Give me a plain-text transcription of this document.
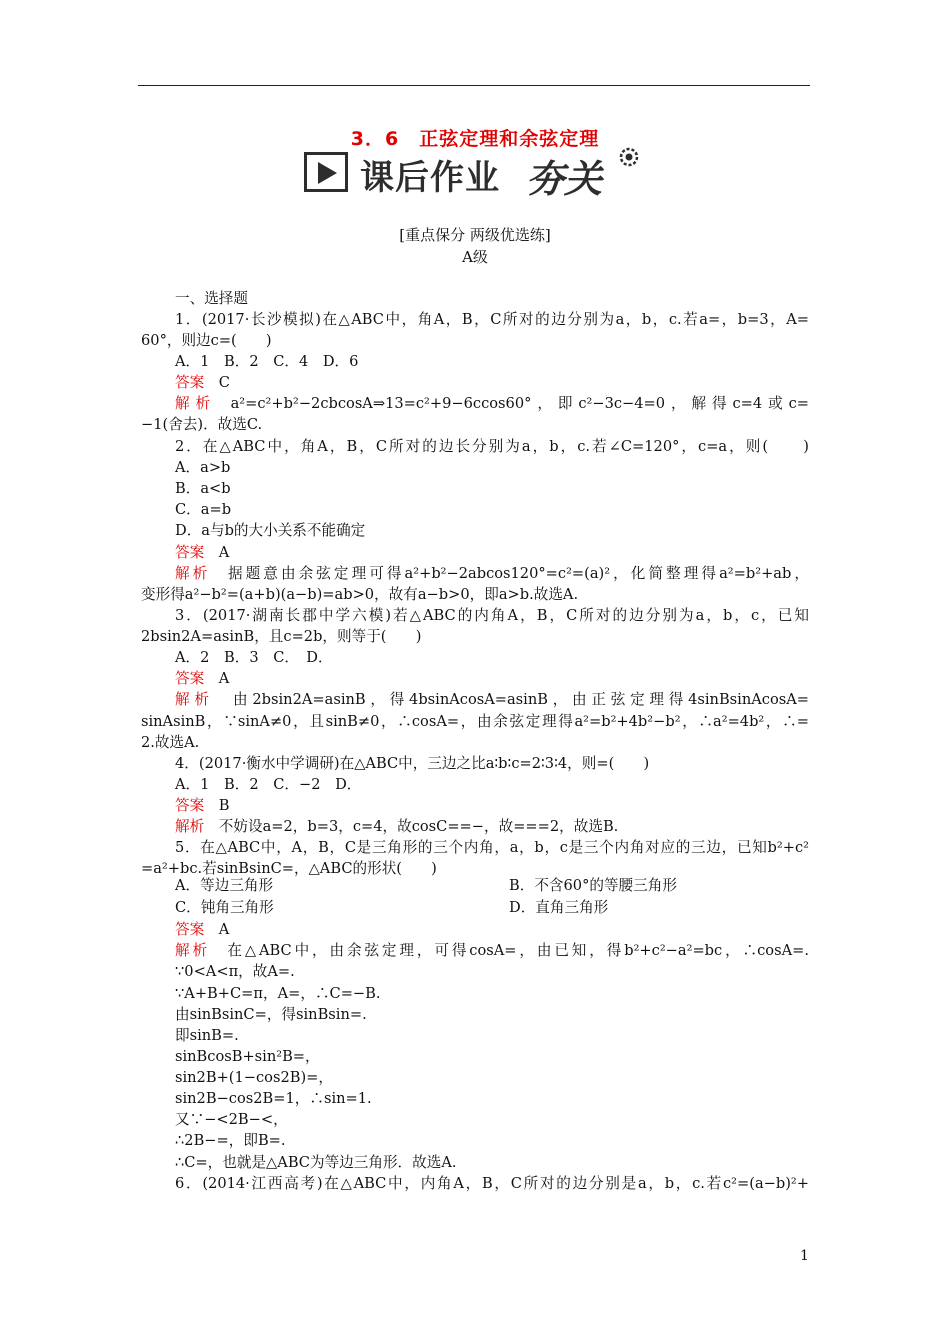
3．6　正弦定理和余弦定理
课后作业 夯关
[重点保分 两级优选练]
A级
一、选择题
1．(2017·长沙模拟)在△ABC中，角A，B，C所对的边分别为a，b，c.若a=，b=3，A=
60°，则边c=(　　)
A．1　B．2　C．4　D．6
答案  C
解析  a²=c²+b²−2cbcosA⇒13=c²+9−6ccos60°，即c²−3c−4=0，解得c=4或c=
−1(舍去)．故选C.
2．在△ABC中，角A，B，C所对的边长分别为a，b，c.若∠C=120°，c=a，则(　　)
A．a>b
B．a<b
C．a=b
D．a与b的大小关系不能确定
答案  A
解析  据题意由余弦定理可得a²+b²−2abcos120°=c²=(a)²，化简整理得a²=b²+ab，
变形得a²−b²=(a+b)(a−b)=ab>0，故有a−b>0，即a>b.故选A.
3．(2017·湖南长郡中学六模)若△ABC的内角A，B，C所对的边分别为a，b，c，已知
2bsin2A=asinB，且c=2b，则等于(　　)
A．2　B．3　C．　D．
答案  A
解析  由2bsin2A=asinB，得4bsinAcosA=asinB，由正弦定理得4sinBsinAcosA=
sinAsinB，∵sinA≠0，且sinB≠0，∴cosA=，由余弦定理得a²=b²+4b²−b²，∴a²=4b²，∴=
2.故选A.
4．(2017·衡水中学调研)在△ABC中，三边之比a∶b∶c=2∶3∶4，则=(　　)
A．1　B．2　C．−2　D．
答案  B
解析  不妨设a=2，b=3，c=4，故cosC==−，故===2，故选B.
5．在△ABC中，A，B，C是三角形的三个内角，a，b，c是三个内角对应的三边，已知b²+c²
=a²+bc.若sinBsinC=，△ABC的形状(　　)
答案  A
解析  在△ABC中，由余弦定理，可得cosA=，由已知，得b²+c²−a²=bc，∴cosA=.
∵0<A<π，故A=.
∵A+B+C=π，A=，∴C=−B.
由sinBsinC=，得sinBsin=.
即sinB=.
sinBcosB+sin²B=，
sin2B+(1−cos2B)=，
sin2B−cos2B=1，∴sin=1.
又∵−<2B−<，
∴2B−=，即B=.
∴C=，也就是△ABC为等边三角形．故选A.
6．(2014·江西高考)在△ABC中，内角A，B，C所对的边分别是a，b，c.若c²=(a−b)²+
A．等边三角形	B．不含60°的等腰三角形
C．钝角三角形	D．直角三角形
1
